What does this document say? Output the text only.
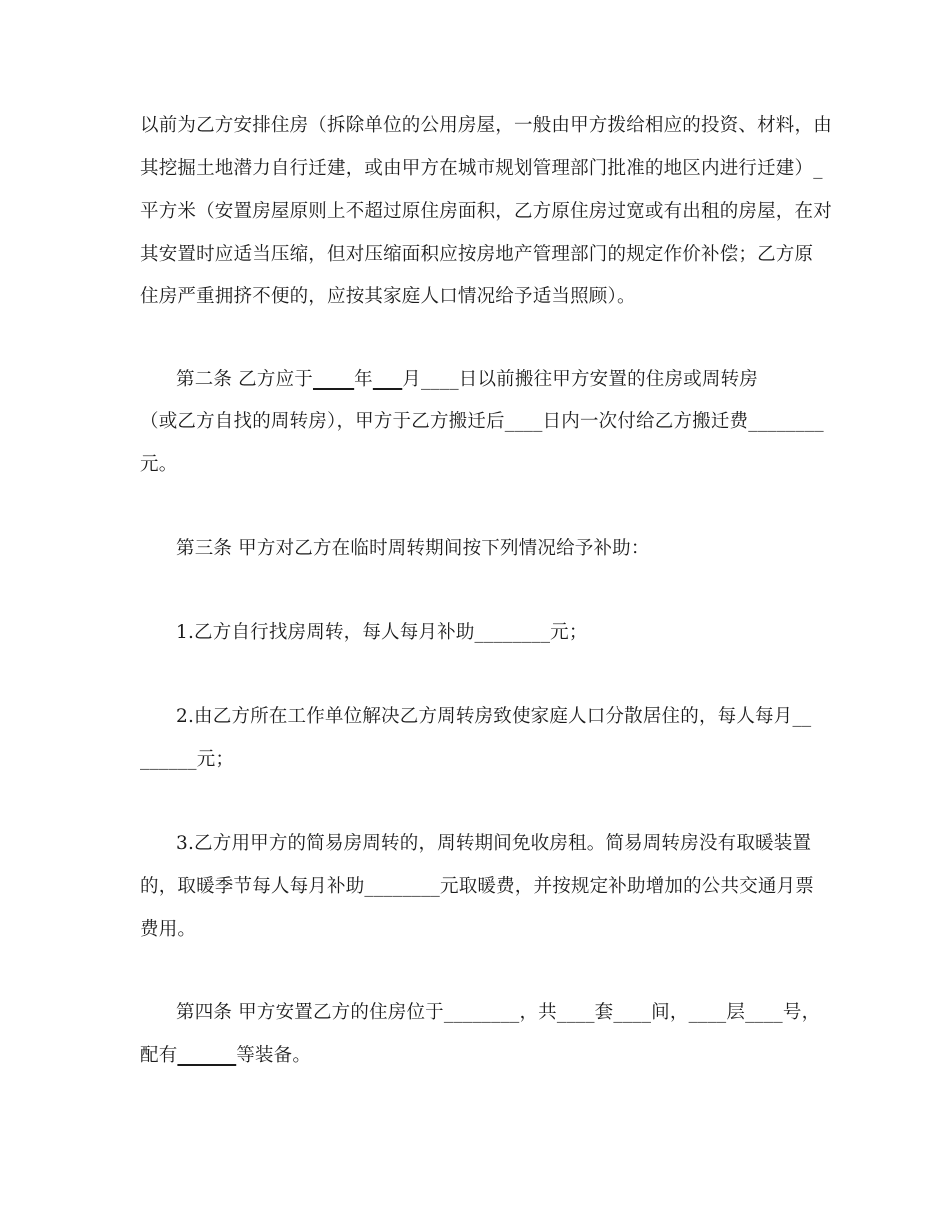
以前为乙方安排住房（拆除单位的公用房屋，一般由甲方拨给相应的投资、材料，由
其挖掘土地潜力自行迁建，或由甲方在城市规划管理部门批准的地区内进行迁建）_
平方米（安置房屋原则上不超过原住房面积，乙方原住房过宽或有出租的房屋，在对
其安置时应适当压缩，但对压缩面积应按房地产管理部门的规定作价补偿；乙方原
住房严重拥挤不便的，应按其家庭人口情况给予适当照顾）。
第二条 乙方应于 年 月____日以前搬往甲方安置的住房或周转房
（或乙方自找的周转房），甲方于乙方搬迁后____日内一次付给乙方搬迁费________
元。
第三条 甲方对乙方在临时周转期间按下列情况给予补助：
1.乙方自行找房周转，每人每月补助________元；
2.由乙方所在工作单位解决乙方周转房致使家庭人口分散居住的，每人每月__
______元；
3.乙方用甲方的简易房周转的，周转期间免收房租。简易周转房没有取暖装置
的，取暖季节每人每月补助________元取暖费，并按规定补助增加的公共交通月票
费用。
第四条 甲方安置乙方的住房位于________，共____套____间，____层____号，
配有	等装备。
